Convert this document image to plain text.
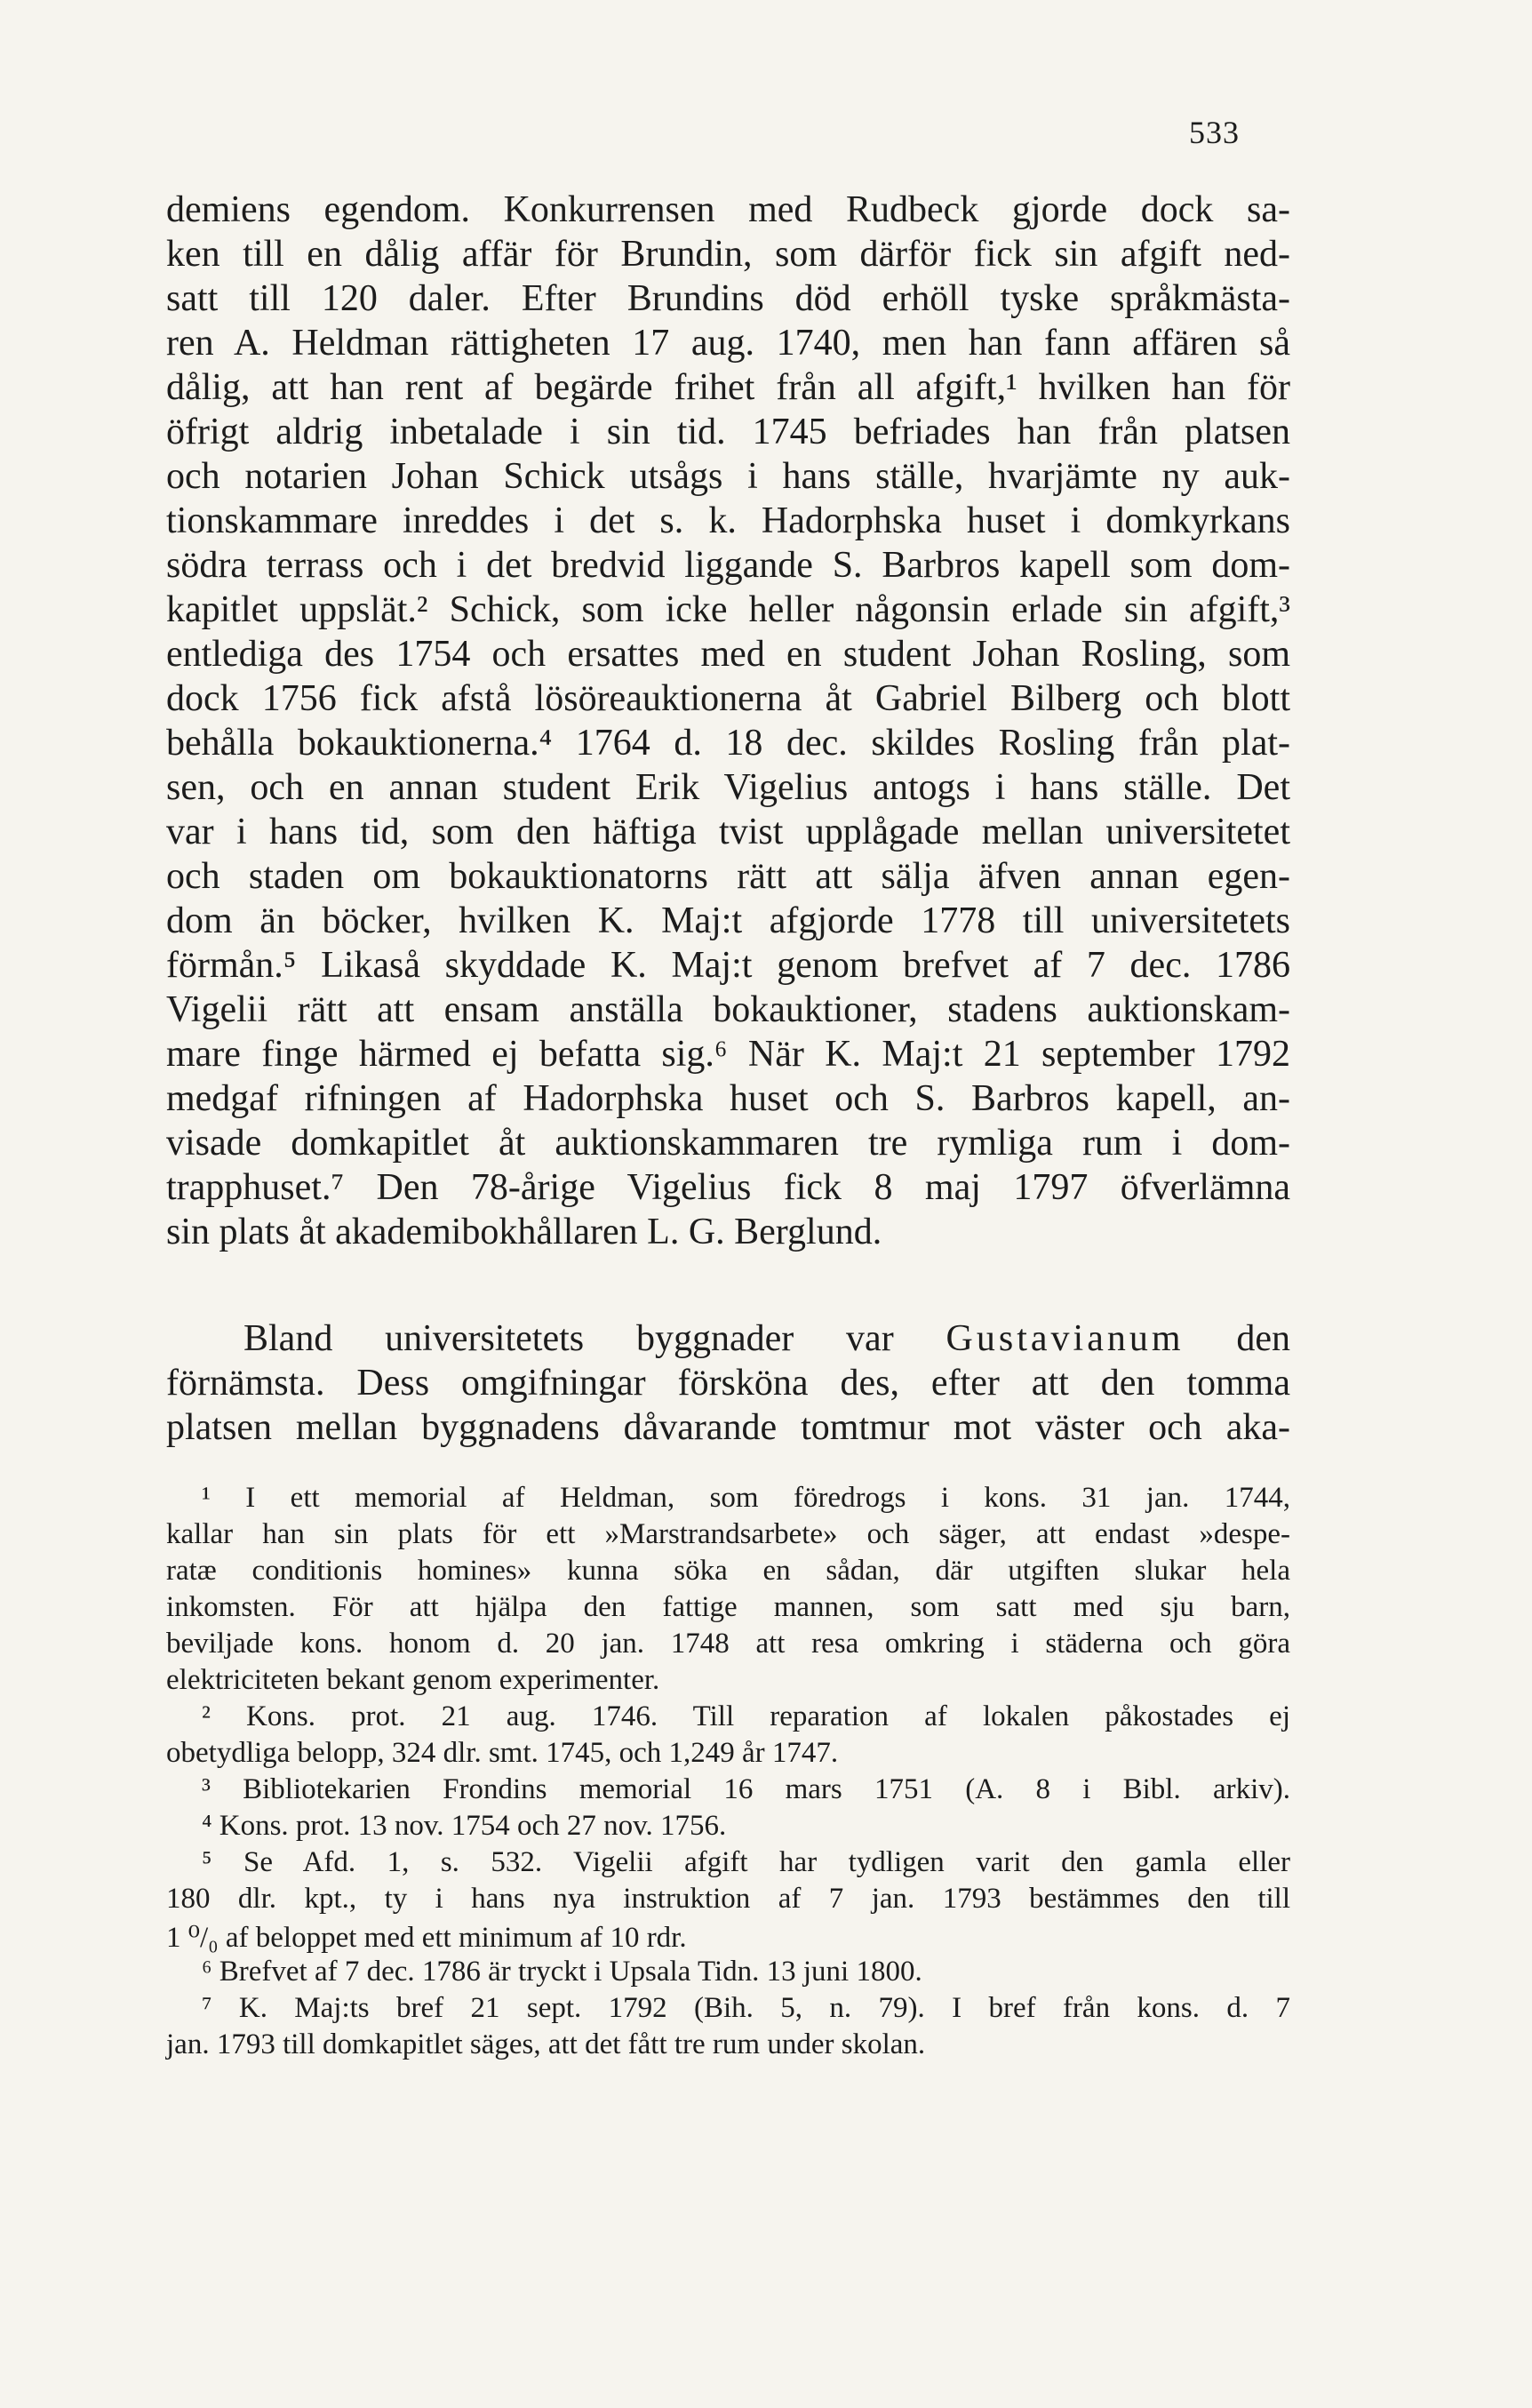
533
demiens egendom. Konkurrensen med Rudbeck gjorde dock sa-
ken till en dålig affär för Brundin, som därför fick sin afgift ned-
satt till 120 daler. Efter Brundins död erhöll tyske språkmästa-
ren A. Heldman rättigheten 17 aug. 1740, men han fann affären så
dålig, att han rent af begärde frihet från all afgift,¹ hvilken han för
öfrigt aldrig inbetalade i sin tid. 1745 befriades han från platsen
och notarien Johan Schick utsågs i hans ställe, hvarjämte ny auk-
tionskammare inreddes i det s. k. Hadorphska huset i domkyrkans
södra terrass och i det bredvid liggande S. Barbros kapell som dom-
kapitlet uppslät.² Schick, som icke heller någonsin erlade sin afgift,³
entlediga des 1754 och ersattes med en student Johan Rosling, som
dock 1756 fick afstå lösöreauktionerna åt Gabriel Bilberg och blott
behålla bokauktionerna.⁴ 1764 d. 18 dec. skildes Rosling från plat-
sen, och en annan student Erik Vigelius antogs i hans ställe. Det
var i hans tid, som den häftiga tvist upplågade mellan universitetet
och staden om bokauktionatorns rätt att sälja äfven annan egen-
dom än böcker, hvilken K. Maj:t afgjorde 1778 till universitetets
förmån.⁵ Likaså skyddade K. Maj:t genom brefvet af 7 dec. 1786
Vigelii rätt att ensam anställa bokauktioner, stadens auktionskam-
mare finge härmed ej befatta sig.⁶ När K. Maj:t 21 september 1792
medgaf rifningen af Hadorphska huset och S. Barbros kapell, an-
visade domkapitlet åt auktionskammaren tre rymliga rum i dom-
trapphuset.⁷ Den 78-årige Vigelius fick 8 maj 1797 öfverlämna
sin plats åt akademibokhållaren L. G. Berglund.
Bland universitetets byggnader var Gustavianum den
förnämsta. Dess omgifningar försköna des, efter att den tomma
platsen mellan byggnadens dåvarande tomtmur mot väster och aka-
¹ I ett memorial af Heldman, som föredrogs i kons. 31 jan. 1744,
kallar han sin plats för ett »Marstrandsarbete» och säger, att endast »despe-
ratæ conditionis homines» kunna söka en sådan, där utgiften slukar hela
inkomsten. För att hjälpa den fattige mannen, som satt med sju barn,
beviljade kons. honom d. 20 jan. 1748 att resa omkring i städerna och göra
elektriciteten bekant genom experimenter.
² Kons. prot. 21 aug. 1746. Till reparation af lokalen påkostades ej
obetydliga belopp, 324 dlr. smt. 1745, och 1,249 år 1747.
³ Bibliotekarien Frondins memorial 16 mars 1751 (A. 8 i Bibl. arkiv).
⁴ Kons. prot. 13 nov. 1754 och 27 nov. 1756.
⁵ Se Afd. 1, s. 532. Vigelii afgift har tydligen varit den gamla eller
180 dlr. kpt., ty i hans nya instruktion af 7 jan. 1793 bestämmes den till
1 ⁰/₀ af beloppet med ett minimum af 10 rdr.
⁶ Brefvet af 7 dec. 1786 är tryckt i Upsala Tidn. 13 juni 1800.
⁷ K. Maj:ts bref 21 sept. 1792 (Bih. 5, n. 79). I bref från kons. d. 7
jan. 1793 till domkapitlet säges, att det fått tre rum under skolan.
